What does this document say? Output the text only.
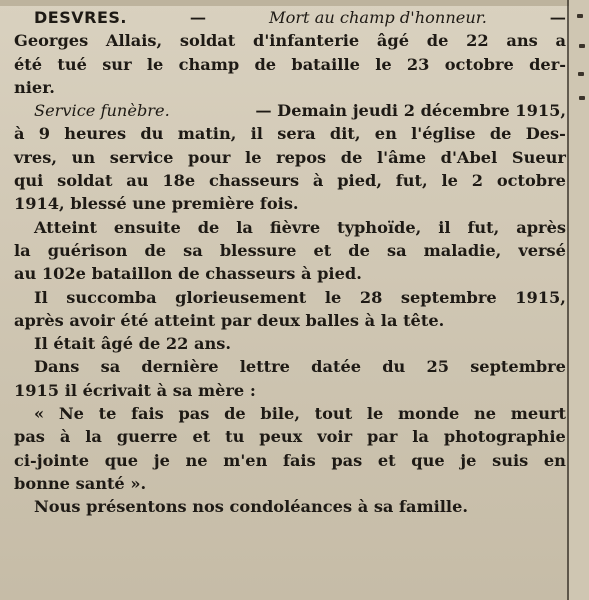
DESVRES.	—	Mort au champ d'honneur.	—
Georges Allais, soldat d'infanterie âgé de 22 ans a
été tué sur le champ de bataille le 23 octobre der-
nier.
Service funèbre.	— Demain jeudi 2 décembre 1915,
à 9 heures du matin, il sera dit, en l'église de Des-
vres, un service pour le repos de l'âme d'Abel Sueur
qui soldat au 18e chasseurs à pied, fut, le 2 octobre
1914, blessé une première fois.
Atteint ensuite de la fièvre typhoïde, il fut, après
la guérison de sa blessure et de sa maladie, versé
au 102e bataillon de chasseurs à pied.
Il succomba glorieusement le 28 septembre 1915,
après avoir été atteint par deux balles à la tête.
Il était âgé de 22 ans.
Dans sa dernière lettre datée du 25 septembre
1915 il écrivait à sa mère :
« Ne te fais pas de bile, tout le monde ne meurt
pas à la guerre et tu peux voir par la photographie
ci-jointe que je ne m'en fais pas et que je suis en
bonne santé ».
Nous présentons nos condoléances à sa famille.
